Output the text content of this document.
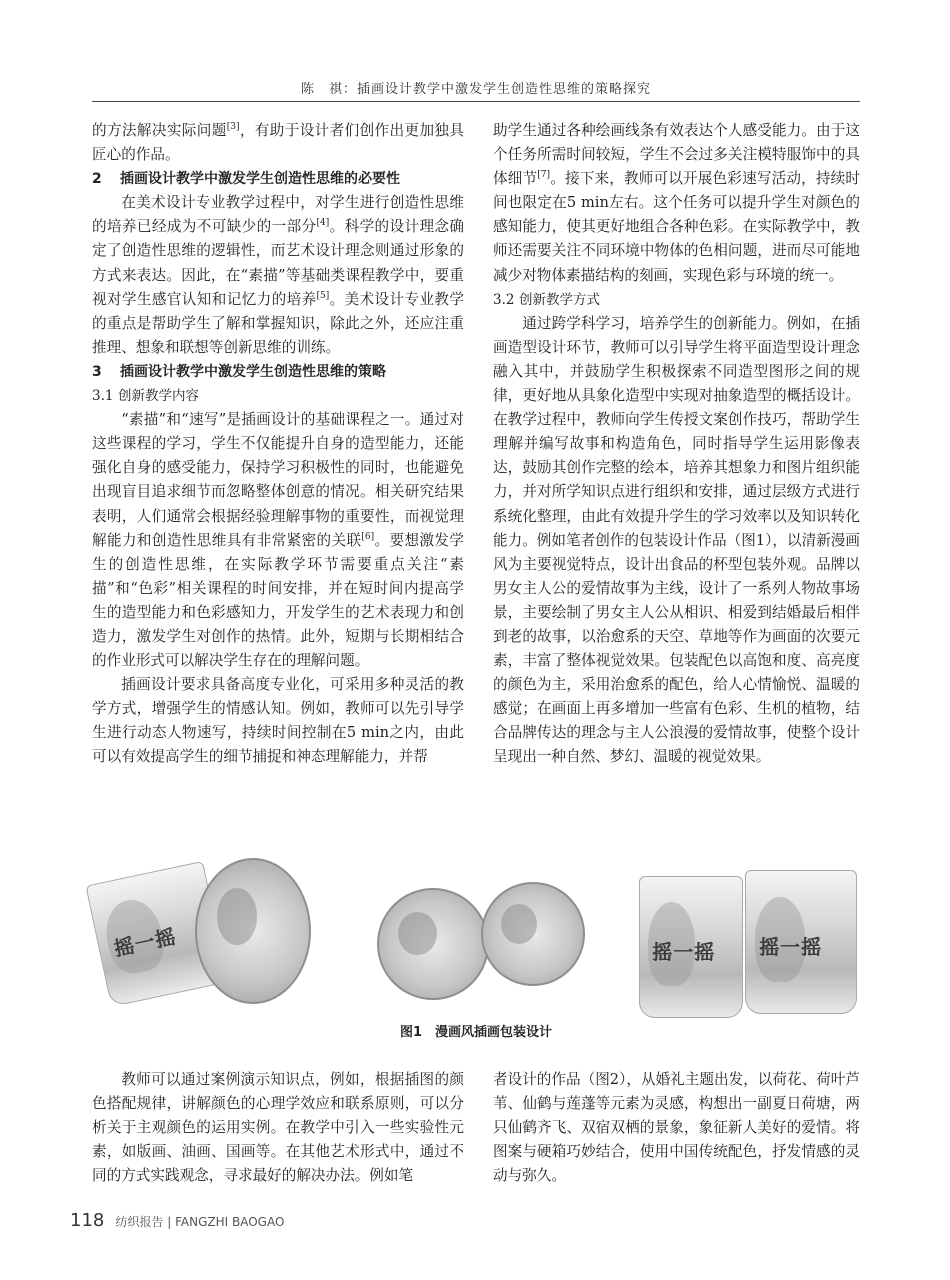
陈　祺：插画设计教学中激发学生创造性思维的策略探究

的方法解决实际问题[3]，有助于设计者们创作出更加独具匠心的作品。

2 插画设计教学中激发学生创造性思维的必要性

在美术设计专业教学过程中，对学生进行创造性思维的培养已经成为不可缺少的一部分[4]。科学的设计理念确定了创造性思维的逻辑性，而艺术设计理念则通过形象的方式来表达。因此，在“素描”等基础类课程教学中，要重视对学生感官认知和记忆力的培养[5]。美术设计专业教学的重点是帮助学生了解和掌握知识，除此之外，还应注重推理、想象和联想等创新思维的训练。

3 插画设计教学中激发学生创造性思维的策略

3.1 创新教学内容

“素描”和“速写”是插画设计的基础课程之一。通过对这些课程的学习，学生不仅能提升自身的造型能力，还能强化自身的感受能力，保持学习积极性的同时，也能避免出现盲目追求细节而忽略整体创意的情况。相关研究结果表明，人们通常会根据经验理解事物的重要性，而视觉理解能力和创造性思维具有非常紧密的关联[6]。要想激发学生的创造性思维，在实际教学环节需要重点关注“素描”和“色彩”相关课程的时间安排，并在短时间内提高学生的造型能力和色彩感知力，开发学生的艺术表现力和创造力，激发学生对创作的热情。此外，短期与长期相结合的作业形式可以解决学生存在的理解问题。

插画设计要求具备高度专业化，可采用多种灵活的教学方式，增强学生的情感认知。例如，教师可以先引导学生进行动态人物速写，持续时间控制在5 min之内，由此可以有效提高学生的细节捕捉和神态理解能力，并帮

助学生通过各种绘画线条有效表达个人感受能力。由于这个任务所需时间较短，学生不会过多关注模特服饰中的具体细节[7]。接下来，教师可以开展色彩速写活动，持续时间也限定在5 min左右。这个任务可以提升学生对颜色的感知能力，使其更好地组合各种色彩。在实际教学中，教师还需要关注不同环境中物体的色相问题，进而尽可能地减少对物体素描结构的刻画，实现色彩与环境的统一。

3.2 创新教学方式

通过跨学科学习，培养学生的创新能力。例如，在插画造型设计环节，教师可以引导学生将平面造型设计理念融入其中，并鼓励学生积极探索不同造型图形之间的规律，更好地从具象化造型中实现对抽象造型的概括设计。在教学过程中，教师向学生传授文案创作技巧，帮助学生理解并编写故事和构造角色，同时指导学生运用影像表达，鼓励其创作完整的绘本，培养其想象力和图片组织能力，并对所学知识点进行组织和安排，通过层级方式进行系统化整理，由此有效提升学生的学习效率以及知识转化能力。例如笔者创作的包装设计作品（图1），以清新漫画风为主要视觉特点，设计出食品的杯型包装外观。品牌以男女主人公的爱情故事为主线，设计了一系列人物故事场景，主要绘制了男女主人公从相识、相爱到结婚最后相伴到老的故事，以治愈系的天空、草地等作为画面的次要元素，丰富了整体视觉效果。包装配色以高饱和度、高亮度的颜色为主，采用治愈系的配色，给人心情愉悦、温暖的感觉；在画面上再多增加一些富有色彩、生机的植物，结合品牌传达的理念与主人公浪漫的爱情故事，使整个设计呈现出一种自然、梦幻、温暖的视觉效果。

摇一摇	摇一摇 摇一摇
图1　漫画风插画包装设计

教师可以通过案例演示知识点，例如，根据插图的颜色搭配规律，讲解颜色的心理学效应和联系原则，可以分析关于主观颜色的运用实例。在教学中引入一些实验性元素，如版画、油画、国画等。在其他艺术形式中，通过不同的方式实践观念，寻求最好的解决办法。例如笔

者设计的作品（图2），从婚礼主题出发，以荷花、荷叶芦苇、仙鹤与莲蓬等元素为灵感，构想出一副夏日荷塘，两只仙鹤齐飞、双宿双栖的景象，象征新人美好的爱情。将图案与硬箱巧妙结合，使用中国传统配色，抒发情感的灵动与弥久。

118 纺织报告 | FANGZHI BAOGAO
